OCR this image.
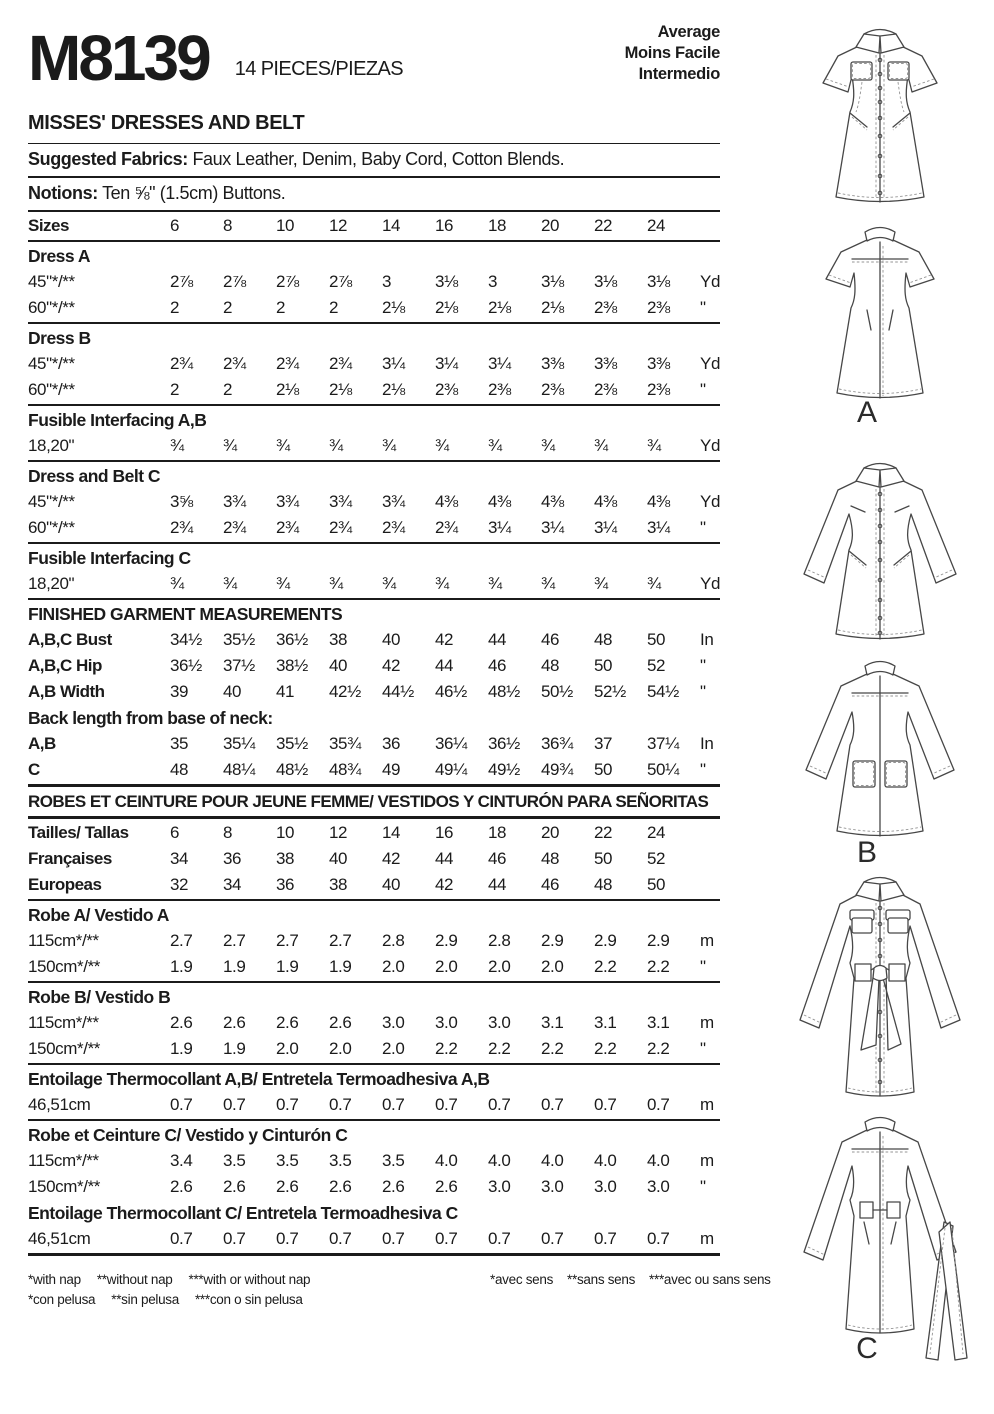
M8139 14 PIECES/PIEZAS
Average
Moins Facile
Intermedio
MISSES' DRESSES AND BELT
Suggested Fabrics: Faux Leather, Denim, Baby Cord, Cotton Blends.
Notions: Ten ⅝" (1.5cm) Buttons.
Sizes	6	8	10	12	14	16	18	20	22	24
Dress A
45"*/**	2⅞	2⅞	2⅞	2⅞	3	3⅛	3	3⅛	3⅛	3⅛	Yd
60"*/**	2	2	2	2	2⅛	2⅛	2⅛	2⅛	2⅜	2⅜	"
Dress B
45"*/**	2¾	2¾	2¾	2¾	3¼	3¼	3¼	3⅜	3⅜	3⅜	Yd
60"*/**	2	2	2⅛	2⅛	2⅛	2⅜	2⅜	2⅜	2⅜	2⅜	"
Fusible Interfacing A,B
18,20"	¾	¾	¾	¾	¾	¾	¾	¾	¾	¾	Yd
Dress and Belt C
45"*/**	3⅝	3¾	3¾	3¾	3¾	4⅜	4⅜	4⅜	4⅜	4⅜	Yd
60"*/**	2¾	2¾	2¾	2¾	2¾	2¾	3¼	3¼	3¼	3¼	"
Fusible Interfacing C
18,20"	¾	¾	¾	¾	¾	¾	¾	¾	¾	¾	Yd
FINISHED GARMENT MEASUREMENTS
A,B,C Bust	34½	35½	36½	38	40	42	44	46	48	50	In
A,B,C Hip	36½	37½	38½	40	42	44	46	48	50	52	"
A,B Width	39	40	41	42½	44½	46½	48½	50½	52½	54½	"
Back length from base of neck:
A,B	35	35¼	35½	35¾	36	36¼	36½	36¾	37	37¼	In
C	48	48¼	48½	48¾	49	49¼	49½	49¾	50	50¼	"
ROBES ET CEINTURE POUR JEUNE FEMME/ VESTIDOS Y CINTURÓN PARA SEÑORITAS
Tailles/ Tallas	6	8	10	12	14	16	18	20	22	24
Françaises	34	36	38	40	42	44	46	48	50	52
Europeas	32	34	36	38	40	42	44	46	48	50
Robe A/ Vestido A
115cm*/**	2.7	2.7	2.7	2.7	2.8	2.9	2.8	2.9	2.9	2.9	m
150cm*/**	1.9	1.9	1.9	1.9	2.0	2.0	2.0	2.0	2.2	2.2	"
Robe B/ Vestido B
115cm*/**	2.6	2.6	2.6	2.6	3.0	3.0	3.0	3.1	3.1	3.1	m
150cm*/**	1.9	1.9	2.0	2.0	2.0	2.2	2.2	2.2	2.2	2.2	"
Entoilage Thermocollant A,B/ Entretela Termoadhesiva A,B
46,51cm	0.7	0.7	0.7	0.7	0.7	0.7	0.7	0.7	0.7	0.7	m
Robe et Ceinture C/ Vestido y Cinturón C
115cm*/**	3.4	3.5	3.5	3.5	3.5	4.0	4.0	4.0	4.0	4.0	m
150cm*/**	2.6	2.6	2.6	2.6	2.6	2.6	3.0	3.0	3.0	3.0	"
Entoilage Thermocollant C/ Entretela Termoadhesiva C
46,51cm	0.7	0.7	0.7	0.7	0.7	0.7	0.7	0.7	0.7	0.7	m
*with nap **without nap ***with or without nap
*con pelusa **sin pelusa ***con o sin pelusa
*avec sens **sans sens ***avec ou sans sens
A
B
C
